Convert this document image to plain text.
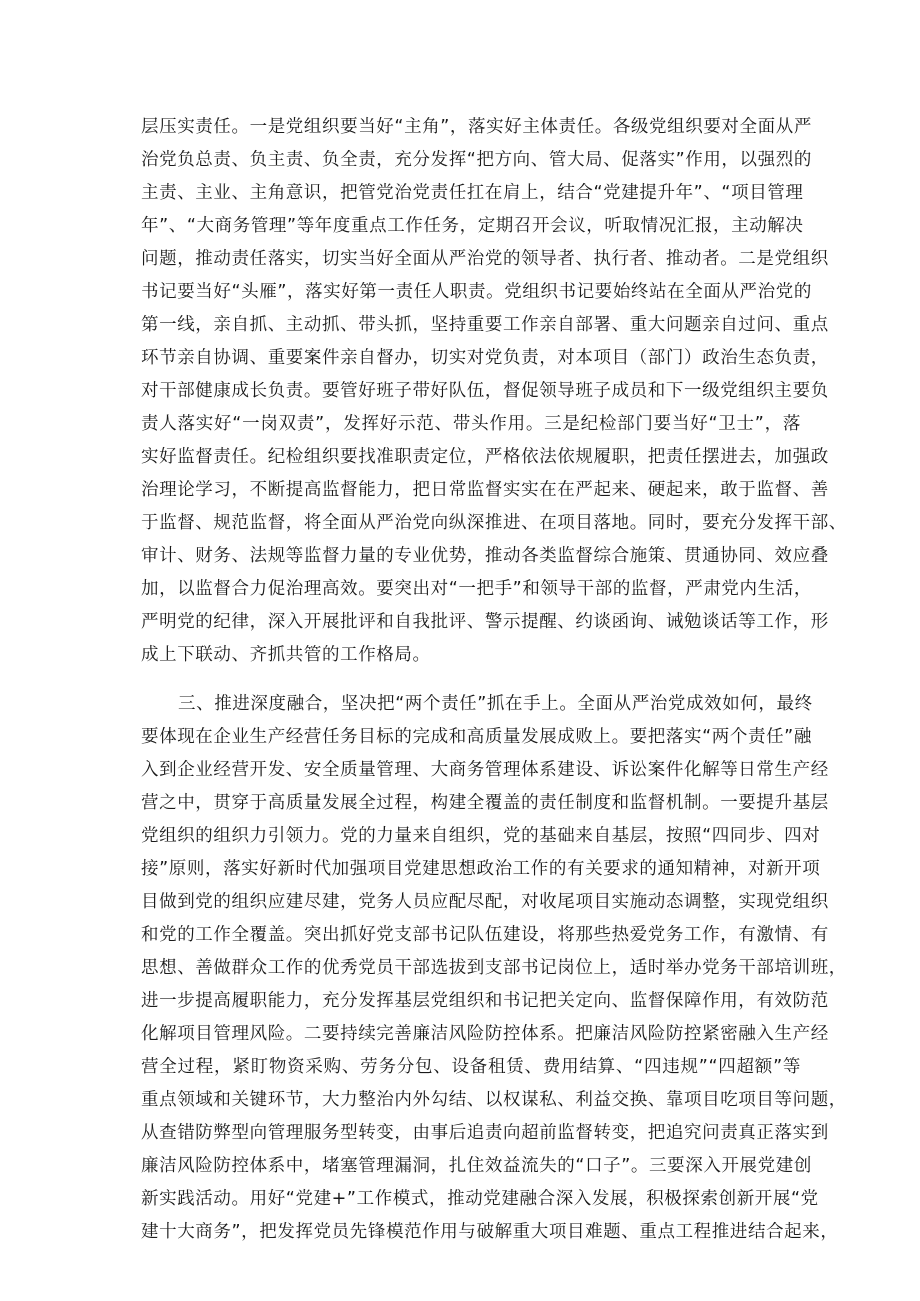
层压实责任。一是党组织要当好“主角”，落实好主体责任。各级党组织要对全面从严
治党负总责、负主责、负全责，充分发挥“把方向、管大局、促落实”作用，以强烈的
主责、主业、主角意识，把管党治党责任扛在肩上，结合“党建提升年”、“项目管理
年”、“大商务管理”等年度重点工作任务，定期召开会议，听取情况汇报，主动解决
问题，推动责任落实，切实当好全面从严治党的领导者、执行者、推动者。二是党组织
书记要当好“头雁”，落实好第一责任人职责。党组织书记要始终站在全面从严治党的
第一线，亲自抓、主动抓、带头抓，坚持重要工作亲自部署、重大问题亲自过问、重点
环节亲自协调、重要案件亲自督办，切实对党负责，对本项目（部门）政治生态负责，
对干部健康成长负责。要管好班子带好队伍，督促领导班子成员和下一级党组织主要负
责人落实好“一岗双责”，发挥好示范、带头作用。三是纪检部门要当好“卫士”，落
实好监督责任。纪检组织要找准职责定位，严格依法依规履职，把责任摆进去，加强政
治理论学习，不断提高监督能力，把日常监督实实在在严起来、硬起来，敢于监督、善
于监督、规范监督，将全面从严治党向纵深推进、在项目落地。同时，要充分发挥干部、
审计、财务、法规等监督力量的专业优势，推动各类监督综合施策、贯通协同、效应叠
加，以监督合力促治理高效。要突出对“一把手”和领导干部的监督，严肃党内生活，
严明党的纪律，深入开展批评和自我批评、警示提醒、约谈函询、诫勉谈话等工作，形
成上下联动、齐抓共管的工作格局。
三、推进深度融合，坚决把“两个责任”抓在手上。全面从严治党成效如何，最终
要体现在企业生产经营任务目标的完成和高质量发展成败上。要把落实“两个责任”融
入到企业经营开发、安全质量管理、大商务管理体系建设、诉讼案件化解等日常生产经
营之中，贯穿于高质量发展全过程，构建全覆盖的责任制度和监督机制。一要提升基层
党组织的组织力引领力。党的力量来自组织，党的基础来自基层，按照“四同步、四对
接”原则，落实好新时代加强项目党建思想政治工作的有关要求的通知精神，对新开项
目做到党的组织应建尽建，党务人员应配尽配，对收尾项目实施动态调整，实现党组织
和党的工作全覆盖。突出抓好党支部书记队伍建设，将那些热爱党务工作，有激情、有
思想、善做群众工作的优秀党员干部选拔到支部书记岗位上，适时举办党务干部培训班，
进一步提高履职能力，充分发挥基层党组织和书记把关定向、监督保障作用，有效防范
化解项目管理风险。二要持续完善廉洁风险防控体系。把廉洁风险防控紧密融入生产经
营全过程，紧盯物资采购、劳务分包、设备租赁、费用结算、“四违规”“四超额”等
重点领域和关键环节，大力整治内外勾结、以权谋私、利益交换、靠项目吃项目等问题，
从查错防弊型向管理服务型转变，由事后追责向超前监督转变，把追究问责真正落实到
廉洁风险防控体系中，堵塞管理漏洞，扎住效益流失的“口子”。三要深入开展党建创
新实践活动。用好“党建+”工作模式，推动党建融合深入发展，积极探索创新开展“党
建十大商务”，把发挥党员先锋模范作用与破解重大项目难题、重点工程推进结合起来，
